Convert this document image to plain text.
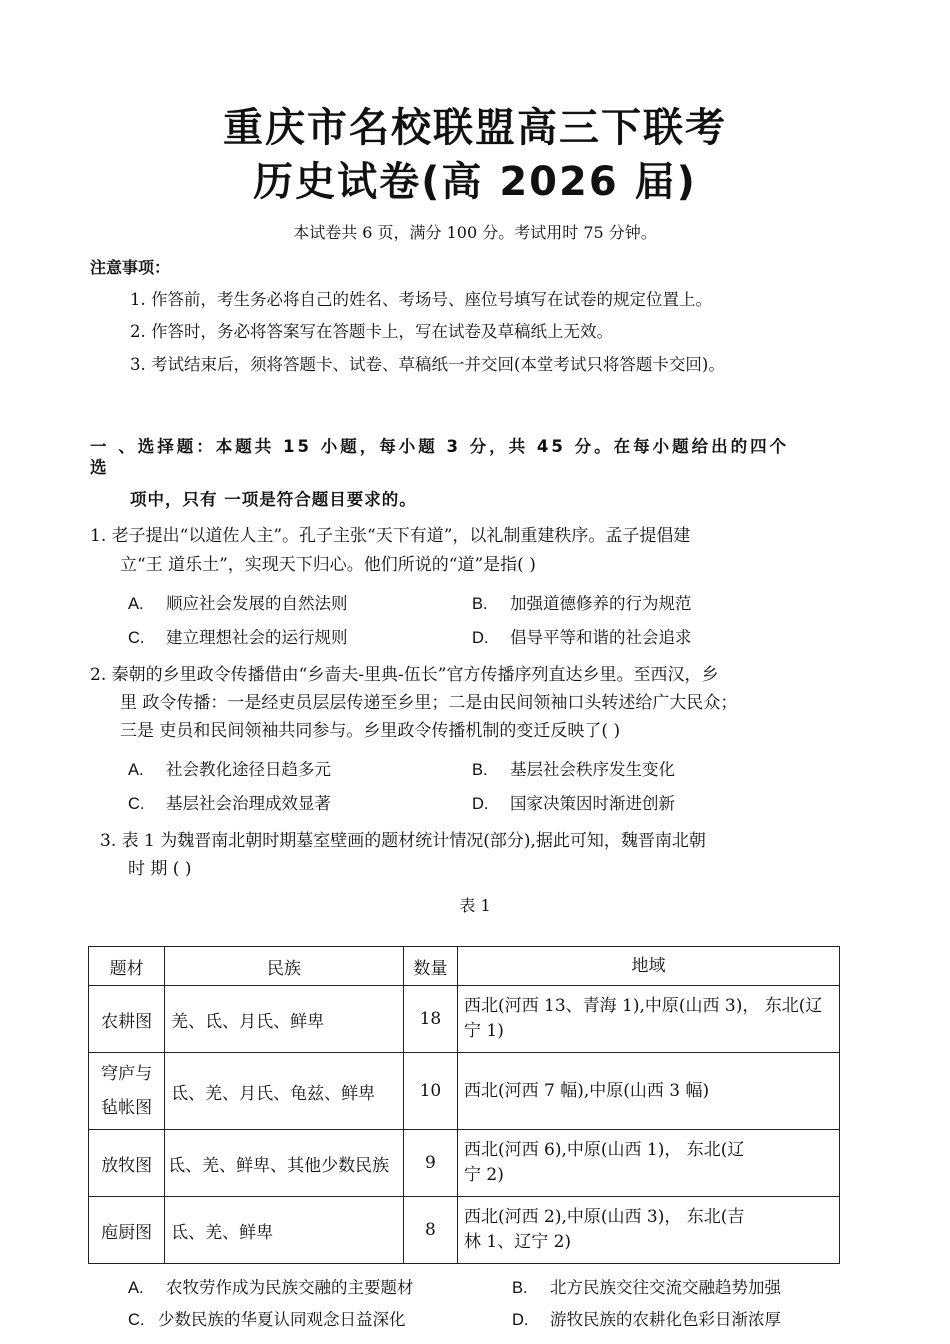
重庆市名校联盟高三下联考
历史试卷(高 2026 届)
本试卷共 6 页，满分 100 分。考试用时 75 分钟。
注意事项：
1. 作答前，考生务必将自己的姓名、考场号、座位号填写在试卷的规定位置上。
2. 作答时，务必将答案写在答题卡上，写在试卷及草稿纸上无效。
3. 考试结束后，须将答题卡、试卷、草稿纸一并交回(本堂考试只将答题卡交回)。
一 、选择题：本题共 15 小题，每小题 3 分，共 45 分。在每小题给出的四个
选
项中，只有 一项是符合题目要求的。
1. 老子提出“以道佐人主”。孔子主张“天下有道”，以礼制重建秩序。孟子提倡建
立“王 道乐土”，实现天下归心。他们所说的“道”是指( )
A. 顺应社会发展的自然法则	B. 加强道德修养的行为规范
C. 建立理想社会的运行规则	D. 倡导平等和谐的社会追求
2. 秦朝的乡里政令传播借由“乡啬夫-里典-伍长”官方传播序列直达乡里。至西汉，乡
里 政令传播：一是经吏员层层传递至乡里；二是由民间领袖口头转述给广大民众；
三是 吏员和民间领袖共同参与。乡里政令传播机制的变迁反映了( )
A. 社会教化途径日趋多元	B. 基层社会秩序发生变化
C. 基层社会治理成效显著	D. 国家决策因时渐进创新
3. 表 1 为魏晋南北朝时期墓室壁画的题材统计情况(部分),据此可知，魏晋南北朝
时 期 ( )
表 1
题材	民族	数量	地域
农耕图	羌、氐、月氏、鲜卑	18	西北(河西 13、青海 1),中原(山西 3)， 东北(辽宁 1)
穹庐与毡帐图	氐、羌、月氏、龟兹、鲜卑	10	西北(河西 7 幅),中原(山西 3 幅)
放牧图	氐、羌、鲜卑、其他少数民族	9	西北(河西 6),中原(山西 1)， 东北(辽宁 2)
庖厨图	氐、羌、鲜卑	8	西北(河西 2),中原(山西 3)， 东北(吉林 1、辽宁 2)
A. 农牧劳作成为民族交融的主要题材	B. 北方民族交往交流交融趋势加强
C. 少数民族的华夏认同观念日益深化	D. 游牧民族的农耕化色彩日渐浓厚
